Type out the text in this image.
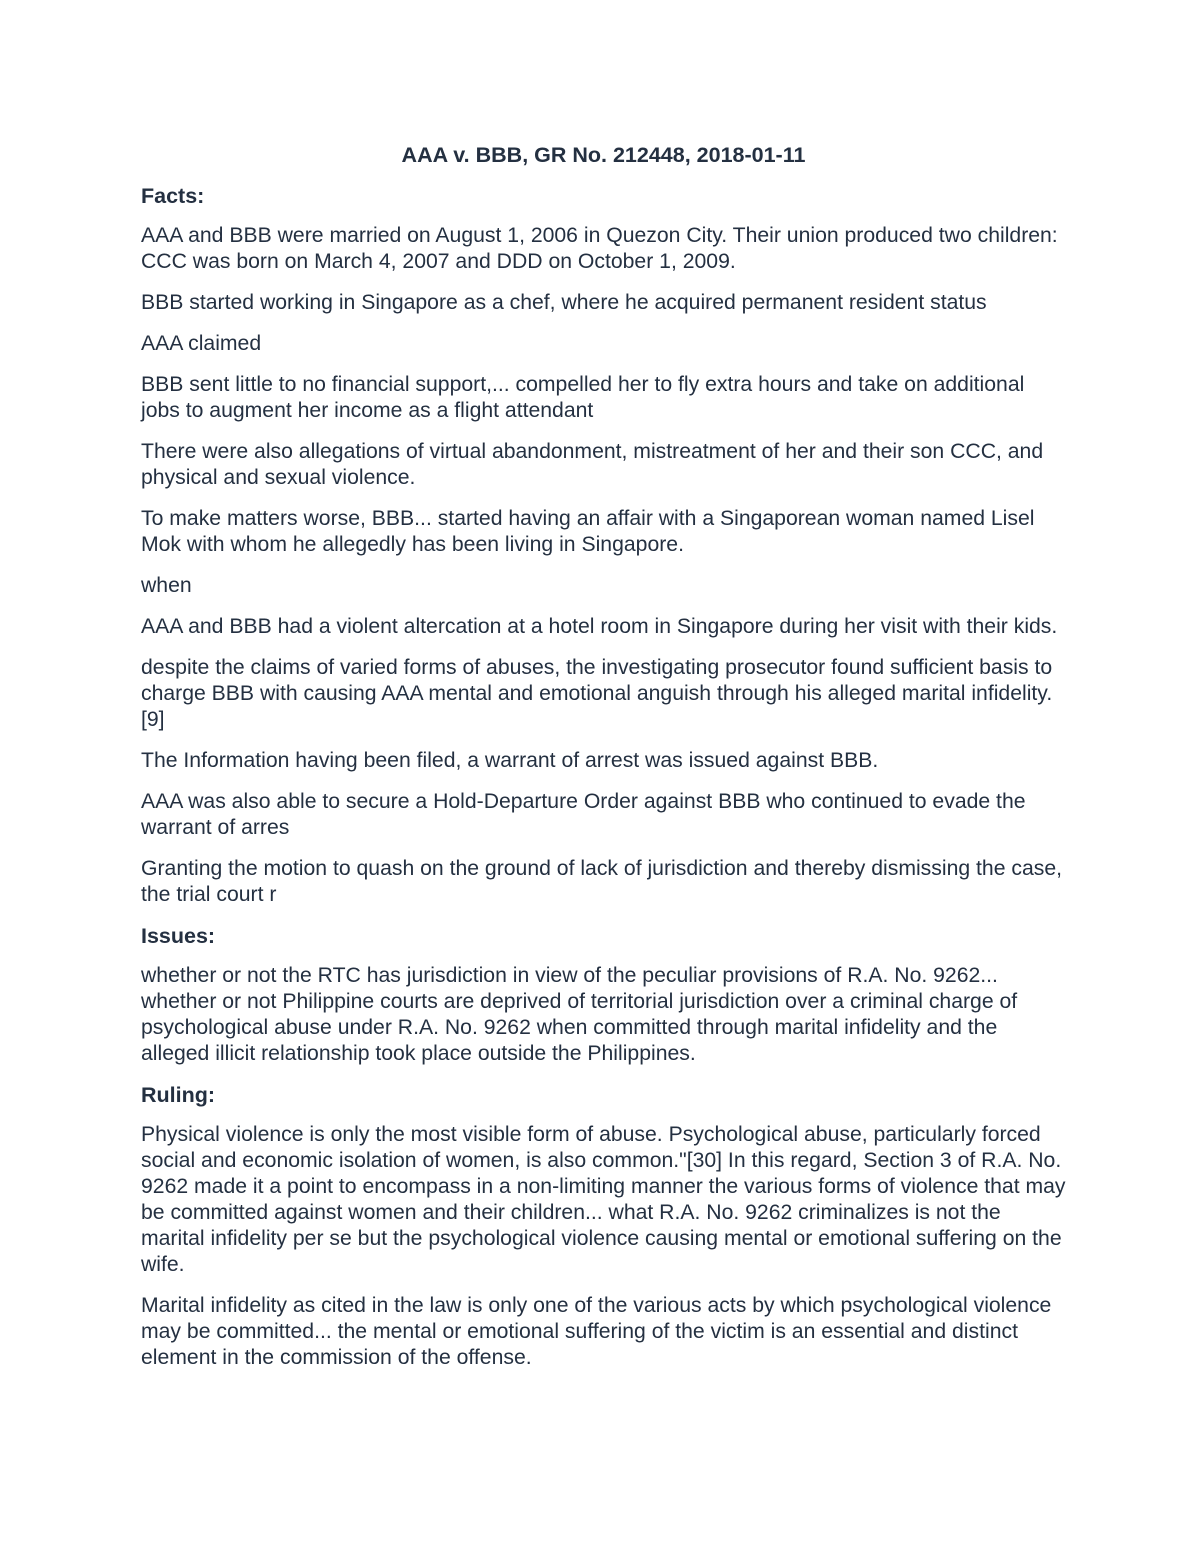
AAA v. BBB, GR No. 212448, 2018-01-11
Facts:
AAA and BBB were married on August 1, 2006 in Quezon City. Their union produced two children: CCC was born on March 4, 2007 and DDD on October 1, 2009.
BBB started working in Singapore as a chef, where he acquired permanent resident status
AAA claimed
BBB sent little to no financial support,... compelled her to fly extra hours and take on additional jobs to augment her income as a flight attendant
There were also allegations of virtual abandonment, mistreatment of her and their son CCC, and physical and sexual violence.
To make matters worse, BBB... started having an affair with a Singaporean woman named Lisel Mok with whom he allegedly has been living in Singapore.
when
AAA and BBB had a violent altercation at a hotel room in Singapore during her visit with their kids.
despite the claims of varied forms of abuses, the investigating prosecutor found sufficient basis to charge BBB with causing AAA mental and emotional anguish through his alleged marital infidelity.[9]
The Information having been filed, a warrant of arrest was issued against BBB.
AAA was also able to secure a Hold-Departure Order against BBB who continued to evade the warrant of arres
Granting the motion to quash on the ground of lack of jurisdiction and thereby dismissing the case, the trial court r
Issues:
whether or not the RTC has jurisdiction in view of the peculiar provisions of R.A. No. 9262... whether or not Philippine courts are deprived of territorial jurisdiction over a criminal charge of psychological abuse under R.A. No. 9262 when committed through marital infidelity and the alleged illicit relationship took place outside the Philippines.
Ruling:
Physical violence is only the most visible form of abuse. Psychological abuse, particularly forced social and economic isolation of women, is also common."[30] In this regard, Section 3 of R.A. No. 9262 made it a point to encompass in a non-limiting manner the various forms of violence that may be committed against women and their children... what R.A. No. 9262 criminalizes is not the marital infidelity per se but the psychological violence causing mental or emotional suffering on the wife.
Marital infidelity as cited in the law is only one of the various acts by which psychological violence may be committed... the mental or emotional suffering of the victim is an essential and distinct element in the commission of the offense.
